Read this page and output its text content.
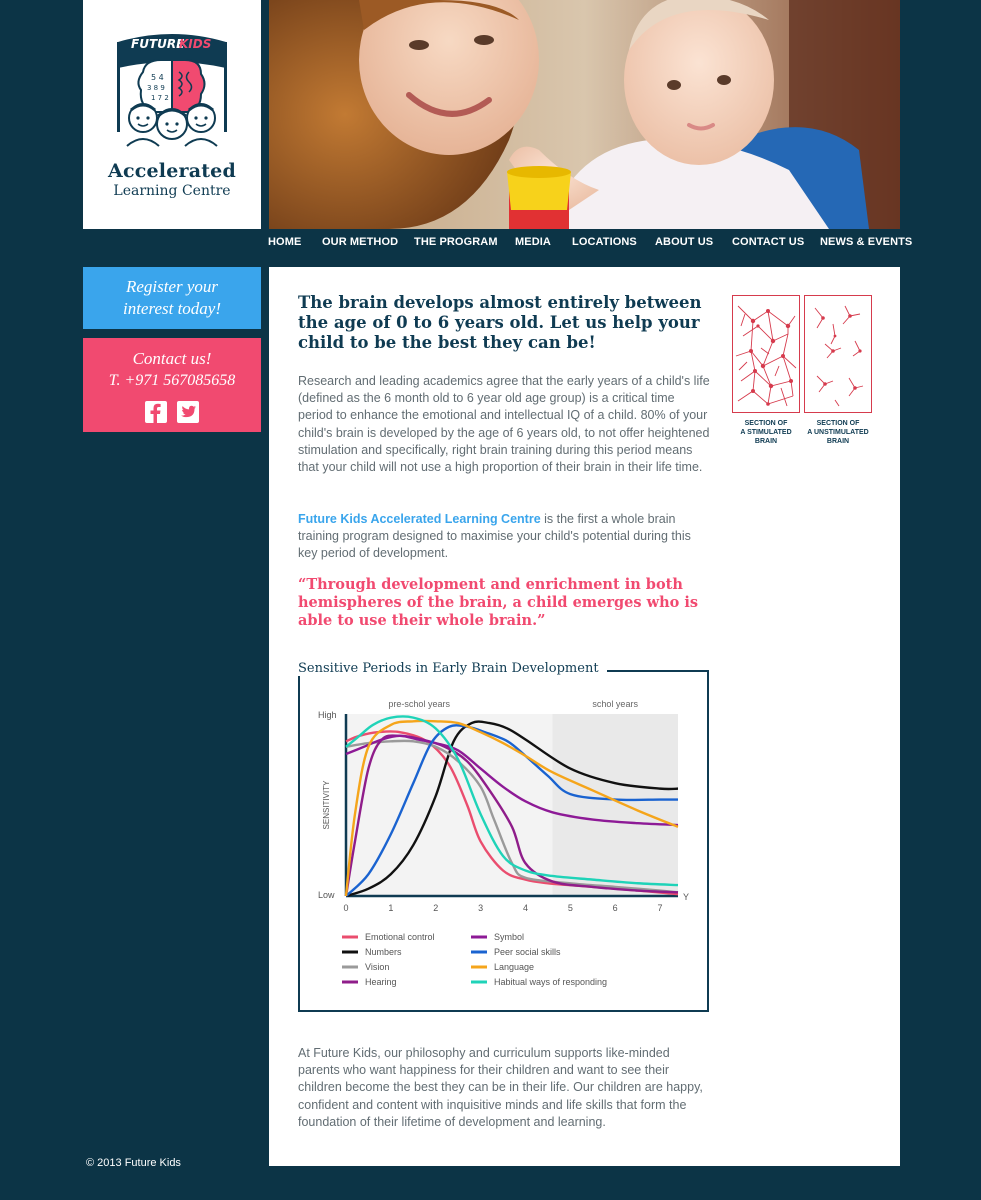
5 4
3 8 9
1 7 2
FUTURE
KIDS
Accelerated
Learning Centre
HOME OUR METHOD THE PROGRAM MEDIA LOCATIONS ABOUT US CONTACT US NEWS & EVENTS
Register your
interest today!
Contact us!
T. +971 567085658
The brain develops almost entirely between the age of 0 to 6 years old. Let us help your child to be the best they can be!

Research and leading academics agree that the early years of a child's life (defined as the 6 month old to 6 year old age group) is a critical time period to enhance the emotional and intellectual IQ of a child. 80% of your child's brain is developed by the age of 6 years old, to not offer heightened stimulation and specifically, right brain training during this period means that your child will not use a high proportion of their brain in their life time.

Future Kids Accelerated Learning Centre is the first a whole brain training program designed to maximise your child's potential during this key period of development.

“Through development and enrichment in both hemispheres of the brain, a child emerges who is able to use their whole brain.”
Sensitive Periods in Early Brain Development
pre-schol years	schol years
Low
High
SENSITIVITY
Y
0	1	2	3	4	5	6	7
Emotional control	Symbol
Numbers	Peer social skills
Vision	Language
Hearing	Habitual ways of responding

At Future Kids, our philosophy and curriculum supports like-minded parents who want happiness for their children and want to see their children become the best they can be in their life. Our children are happy, confident and content with inquisitive minds and life skills that form the foundation of their lifetime of development and learning.

SECTION OF
A STIMULATED
BRAIN
SECTION OF
A UNSTIMULATED
BRAIN
© 2013 Future Kids
